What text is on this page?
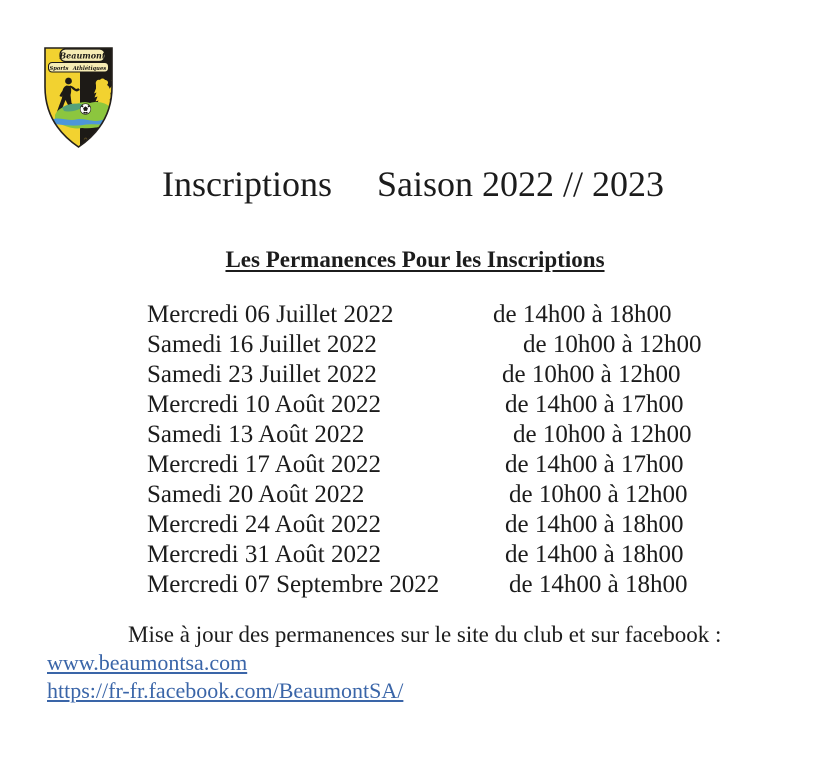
Beaumont
Sports Athlétiques
Inscriptions Saison 2022 // 2023
Les Permanences Pour les Inscriptions
Mercredi 06 Juillet 2022	de 14h00 à 18h00
Samedi 16 Juillet 2022	de 10h00 à 12h00
Samedi 23 Juillet 2022	de 10h00 à 12h00
Mercredi 10 Août 2022	de 14h00 à 17h00
Samedi 13 Août 2022	de 10h00 à 12h00
Mercredi 17 Août 2022	de 14h00 à 17h00
Samedi 20 Août 2022	de 10h00 à 12h00
Mercredi 24 Août 2022	de 14h00 à 18h00
Mercredi 31 Août 2022	de 14h00 à 18h00
Mercredi 07 Septembre 2022	de 14h00 à 18h00
Mise à jour des permanences sur le site du club et sur facebook :
www.beaumontsa.com
https://fr-fr.facebook.com/BeaumontSA/
